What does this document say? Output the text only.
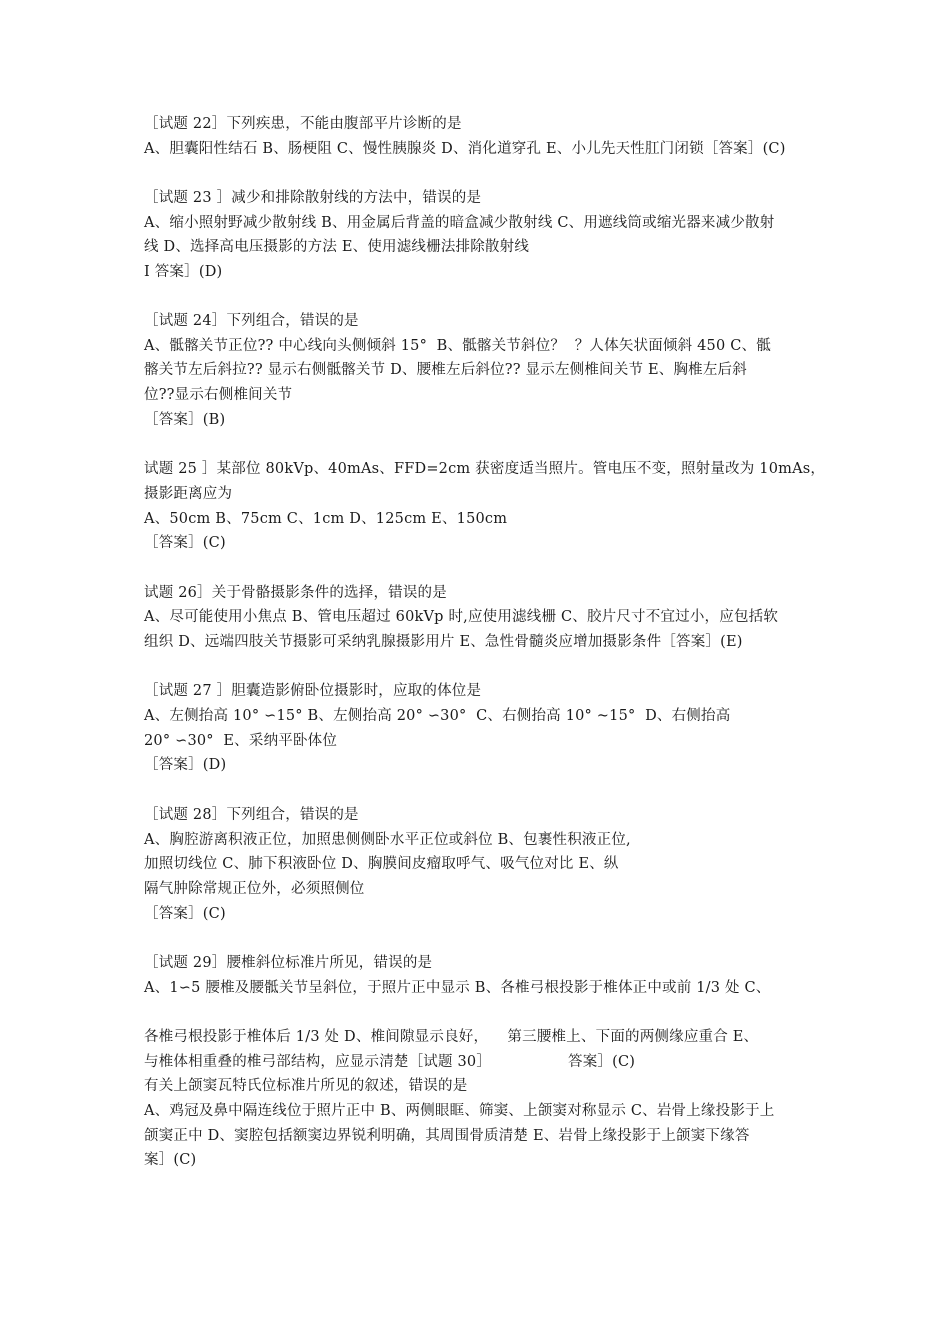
［试题 22］下列疾患，不能由腹部平片诊断的是
A、胆囊阳性结石 B、肠梗阻 C、慢性胰腺炎 D、消化道穿孔 E、小儿先天性肛门闭锁［答案］(C)
［试题 23 ］减少和排除散射线的方法中，错误的是
A、缩小照射野减少散射线 B、用金属后背盖的暗盒减少散射线 C、用遮线筒或缩光器来减少散射
线 D、选择高电压摄影的方法 E、使用滤线栅法排除散射线
I 答案］(D)
［试题 24］下列组合，错误的是
A、骶髂关节正位?? 中心线向头侧倾斜 15°  B、骶髂关节斜位？  ？人体矢状面倾斜 450 C、骶
髂关节左后斜拉?? 显示右侧骶髂关节 D、腰椎左后斜位?? 显示左侧椎间关节 E、胸椎左后斜
位??显示右侧椎间关节
［答案］(B)
试题 25 ］某部位 80kVp、40mAs、FFD=2cm 获密度适当照片。管电压不变，照射量改为 10mAs，
摄影距离应为
A、50cm B、75cm C、1cm D、125cm E、150cm
［答案］(C)
试题 26］关于骨骼摄影条件的选择，错误的是
A、尽可能使用小焦点 B、管电压超过 60kVp 时,应使用滤线栅 C、胶片尺寸不宜过小，应包括软
组织 D、远端四肢关节摄影可采纳乳腺摄影用片 E、急性骨髓炎应增加摄影条件［答案］(E)
［试题 27 ］胆囊造影俯卧位摄影时，应取的体位是
A、左侧抬高 10° ∽15° B、左侧抬高 20° ∽30°  C、右侧抬高 10° ~15°  D、右侧抬高
20° ∽30°  E、采纳平卧体位
［答案］(D)
［试题 28］下列组合，错误的是
A、胸腔游离积液正位，加照患侧侧卧水平正位或斜位 B、包裹性积液正位,
加照切线位 C、肺下积液卧位 D、胸膜间皮瘤取呼气、吸气位对比 E、纵
隔气肿除常规正位外，必须照侧位
［答案］(C)
［试题 29］腰椎斜位标准片所见，错误的是
A、1∽5 腰椎及腰骶关节呈斜位，于照片正中显示 B、各椎弓根投影于椎体正中或前 1/3 处 C、
各椎弓根投影于椎体后 1/3 处 D、椎间隙显示良好，    第三腰椎上、下面的两侧缘应重合 E、
与椎体相重叠的椎弓部结构，应显示清楚［试题 30］                答案］(C)
有关上颌窦瓦特氏位标准片所见的叙述，错误的是
A、鸡冠及鼻中隔连线位于照片正中 B、两侧眼眶、筛窦、上颌窦对称显示 C、岩骨上缘投影于上
颌窦正中 D、窦腔包括额窦边界锐利明确，其周围骨质清楚 E、岩骨上缘投影于上颌窦下缘答
案］(C)
